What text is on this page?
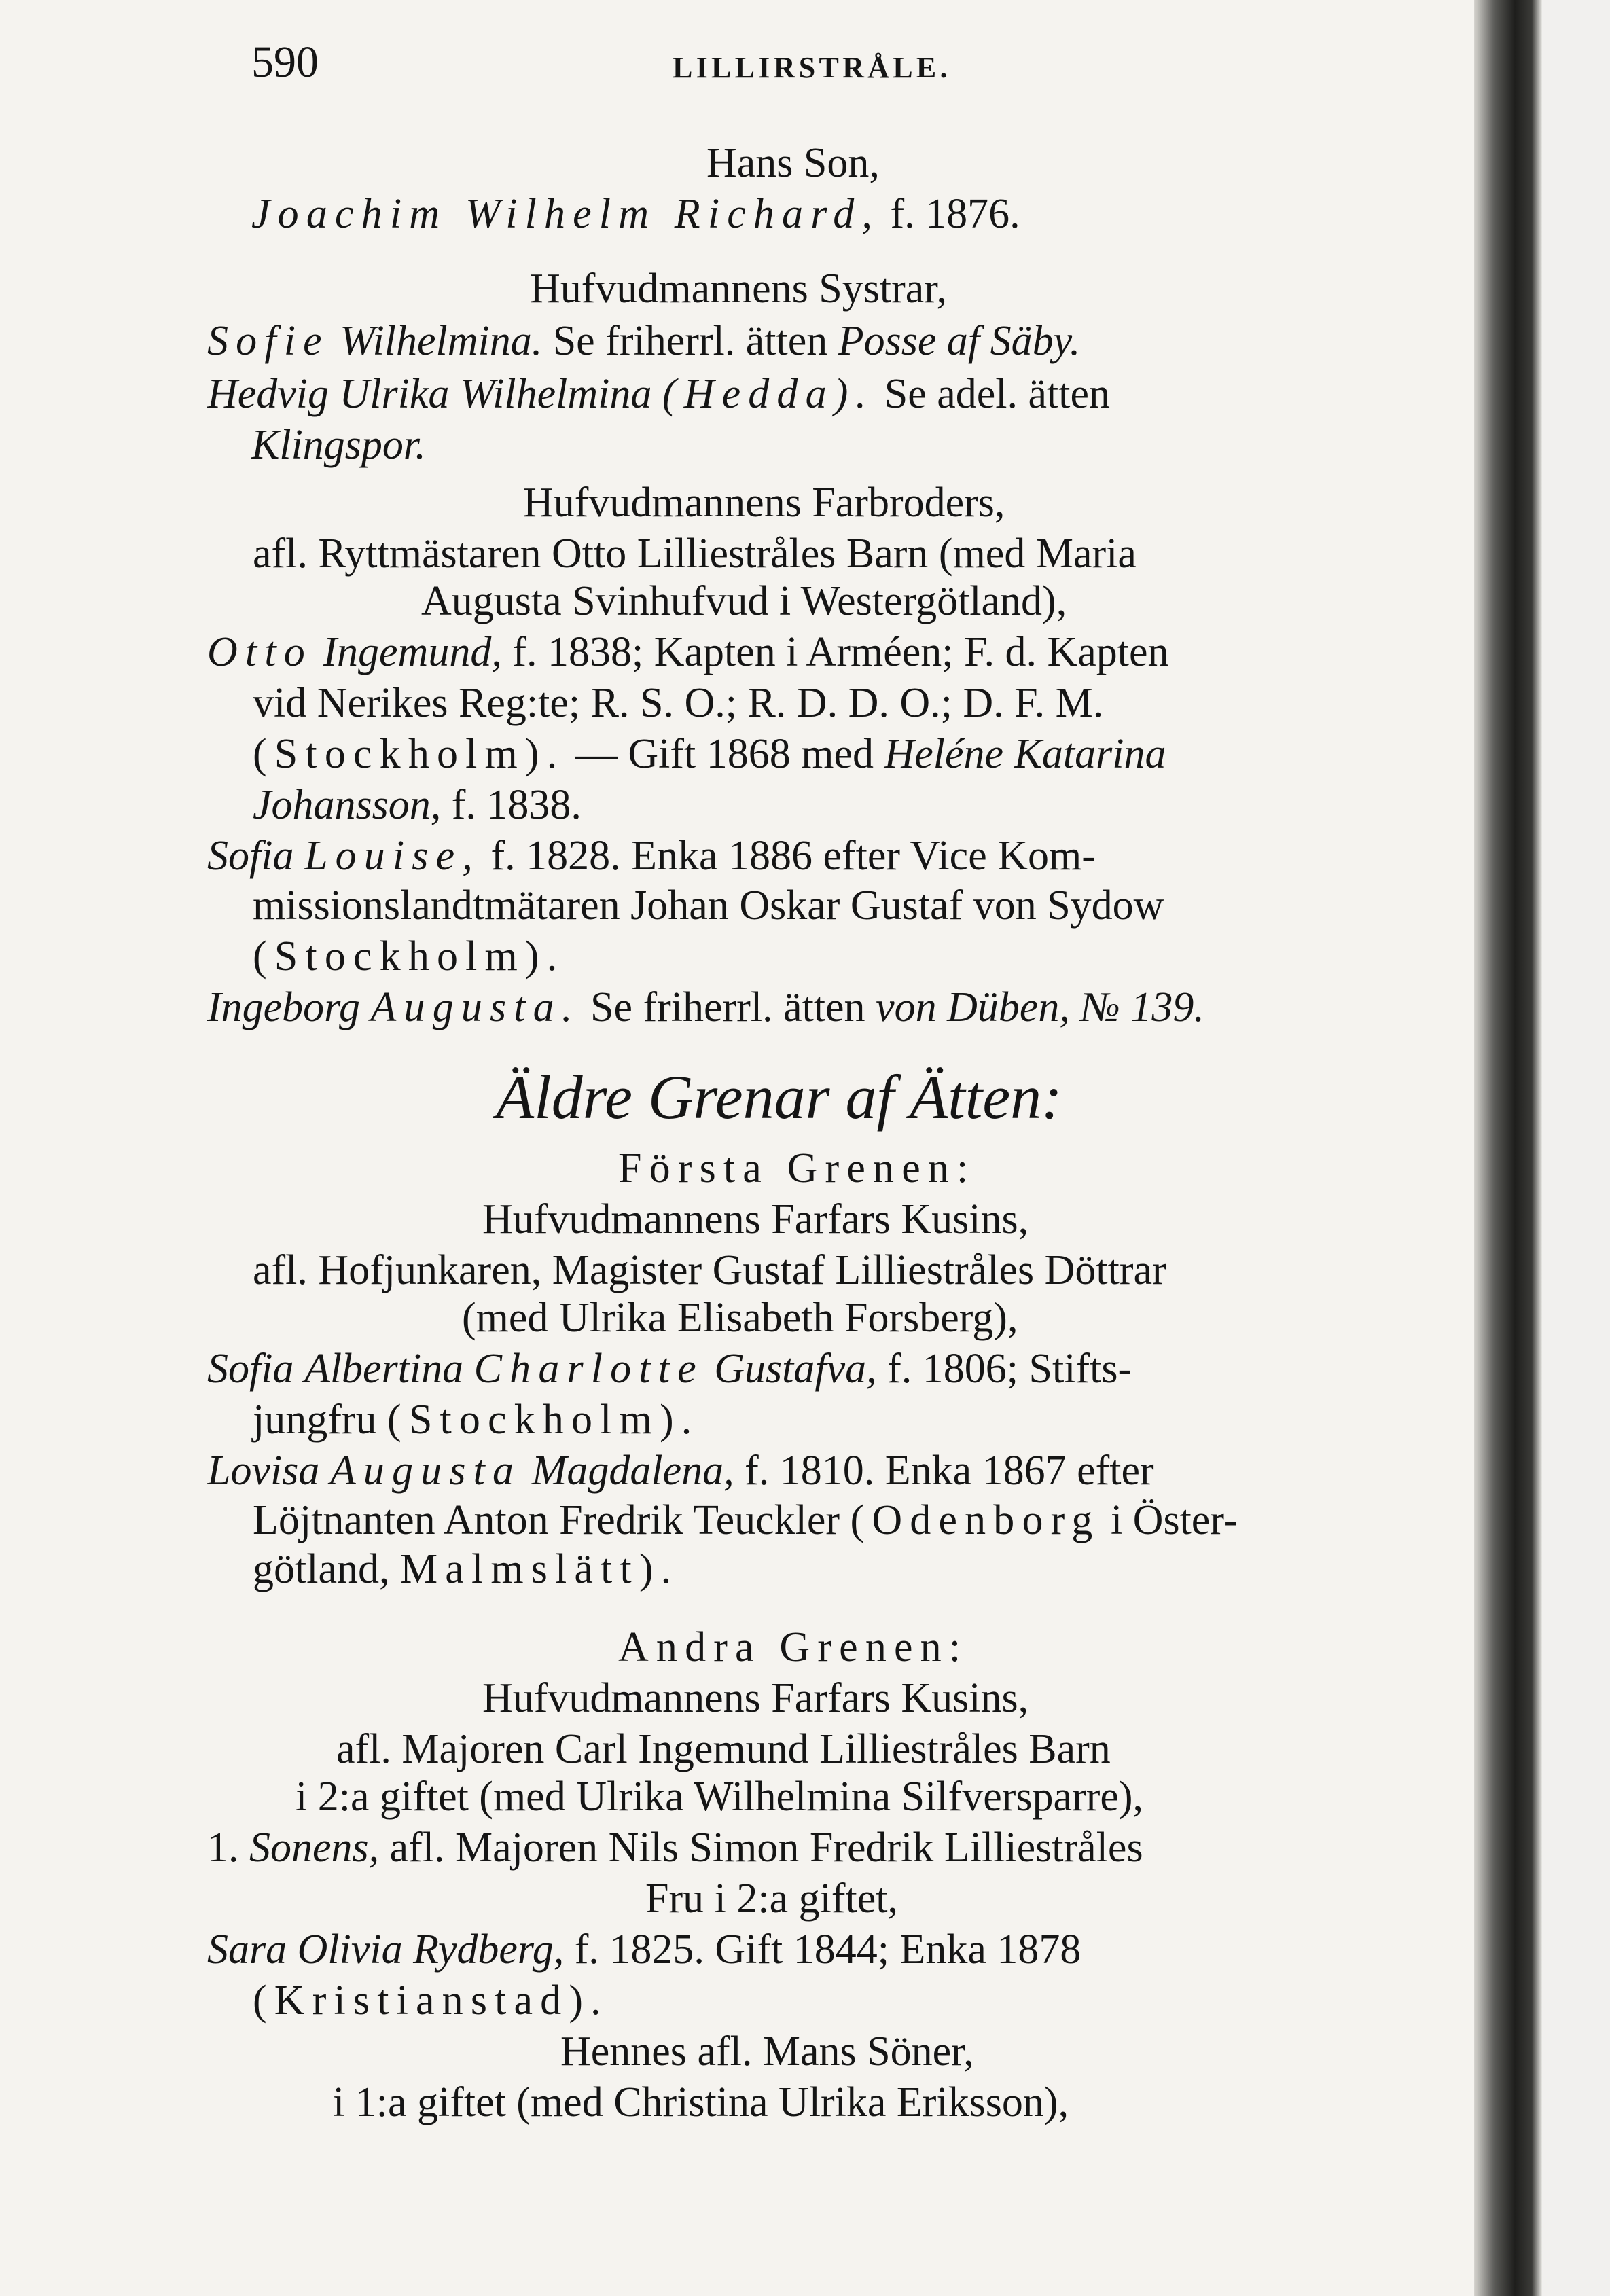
590	LILLIRSTRÅLE.
Hans Son,
Joachim Wilhelm Richard, f. 1876.
Hufvudmannens Systrar,
Sofie Wilhelmina. Se friherrl. ätten Posse af Säby.
Hedvig Ulrika Wilhelmina (Hedda). Se adel. ätten
Klingspor.
Hufvudmannens Farbroders,
afl. Ryttmästaren Otto Lilliestråles Barn (med Maria
Augusta Svinhufvud i Westergötland),
Otto Ingemund, f. 1838; Kapten i Arméen; F. d. Kapten
vid Nerikes Reg:te; R. S. O.; R. D. D. O.; D. F. M.
(Stockholm). — Gift 1868 med Heléne Katarina
Johansson, f. 1838.
Sofia Louise, f. 1828. Enka 1886 efter Vice Kom-
missionslandtmätaren Johan Oskar Gustaf von Sydow
(Stockholm).
Ingeborg Augusta. Se friherrl. ätten von Düben, № 139.
Äldre Grenar af Ätten:
Första Grenen:
Hufvudmannens Farfars Kusins,
afl. Hofjunkaren, Magister Gustaf Lilliestråles Döttrar
(med Ulrika Elisabeth Forsberg),
Sofia Albertina Charlotte Gustafva, f. 1806; Stifts-
jungfru (Stockholm).
Lovisa Augusta Magdalena, f. 1810. Enka 1867 efter
Löjtnanten Anton Fredrik Teuckler (Odenborg i Öster-
götland, Malmslätt).
Andra Grenen:
Hufvudmannens Farfars Kusins,
afl. Majoren Carl Ingemund Lilliestråles Barn
i 2:a giftet (med Ulrika Wilhelmina Silfversparre),
1. Sonens, afl. Majoren Nils Simon Fredrik Lilliestråles
Fru i 2:a giftet,
Sara Olivia Rydberg, f. 1825. Gift 1844; Enka 1878
(Kristianstad).
Hennes afl. Mans Söner,
i 1:a giftet (med Christina Ulrika Eriksson),
